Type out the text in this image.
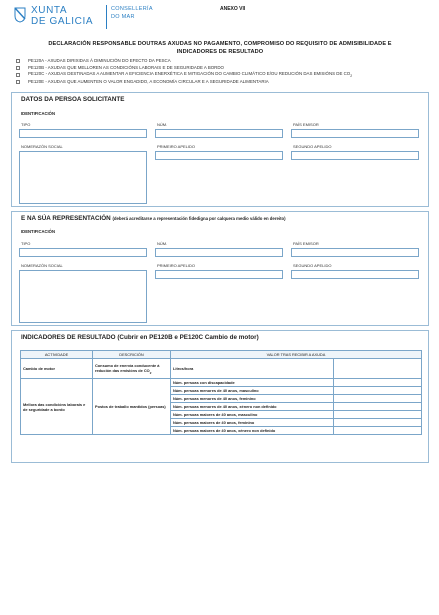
XUNTA
DE GALICIA
CONSELLERÍA
DO MAR
ANEXO VII
DECLARACIÓN RESPONSABLE DOUTRAS AXUDAS NO PAGAMENTO, COMPROMISO DO REQUISITO DE ADMISIBILIDADE E
INDICADORES DE RESULTADO
PE120A - AXUDAS DIRIXIDAS Á DIMINUCIÓN DO EFECTO DA PESCA
PE120B - AXUDAS QUE MELLOREN AS CONDICIÓNS LABORAIS E DE SEGURIDADE A BORDO
PE120C - AXUDAS DESTINADAS A AUMENTAR A EFICIENCIA ENERXÉTICA E MITIGACIÓN DO CAMBIO CLIMÁTICO E/OU REDUCIÓN DAS EMISIÓNS DE $CO_2$
PE120E - AXUDAS QUE AUMENTEN O VALOR ENGADIDO, A ECONOMÍA CIRCULAR E A SEGURIDADE ALIMENTARIA
DATOS DA PERSOA SOLICITANTE
IDENTIFICACIÓN
TIPO	NÚM.	PAÍS EMISOR
NOMERAZÓN SOCIAL	PRIMEIRO APELIDO	SEGUNDO APELIDO
E NA SÚA REPRESENTACIÓN (deberá acreditarse a representación fidedigna por calquera medio válido en dereito)
IDENTIFICACIÓN
TIPO	NÚM.	PAÍS EMISOR
NOMERAZÓN SOCIAL	PRIMEIRO APELIDO	SEGUNDO APELIDO
INDICADORES DE RESULTADO (Cubrir en PE120B e PE120C Cambio de motor)
ACTIVIDADE	DESCRICIÓN	VALOR TRAS RECIBIR A AXUDA	
Cambio de motor	Consumo de enerxía conducente á redución das emisións de $CO_2$	Litros/hora	
Mellora das condicións laborais e de seguridade a bordo	Postos de traballo mantidos (persoas)	Núm. persoas con discapacidade	
		Núm. persoas menores de 40 anos, masculino	
		Núm. persoas menores de 40 anos, feminino	
		Núm. persoas menores de 40 anos, xénero non definido	
		Núm. persoas maiores de 40 anos, masculino	
		Núm. persoas maiores de 40 anos, feminino	
		Núm. persoas maiores de 40 anos, xénero non definido	
